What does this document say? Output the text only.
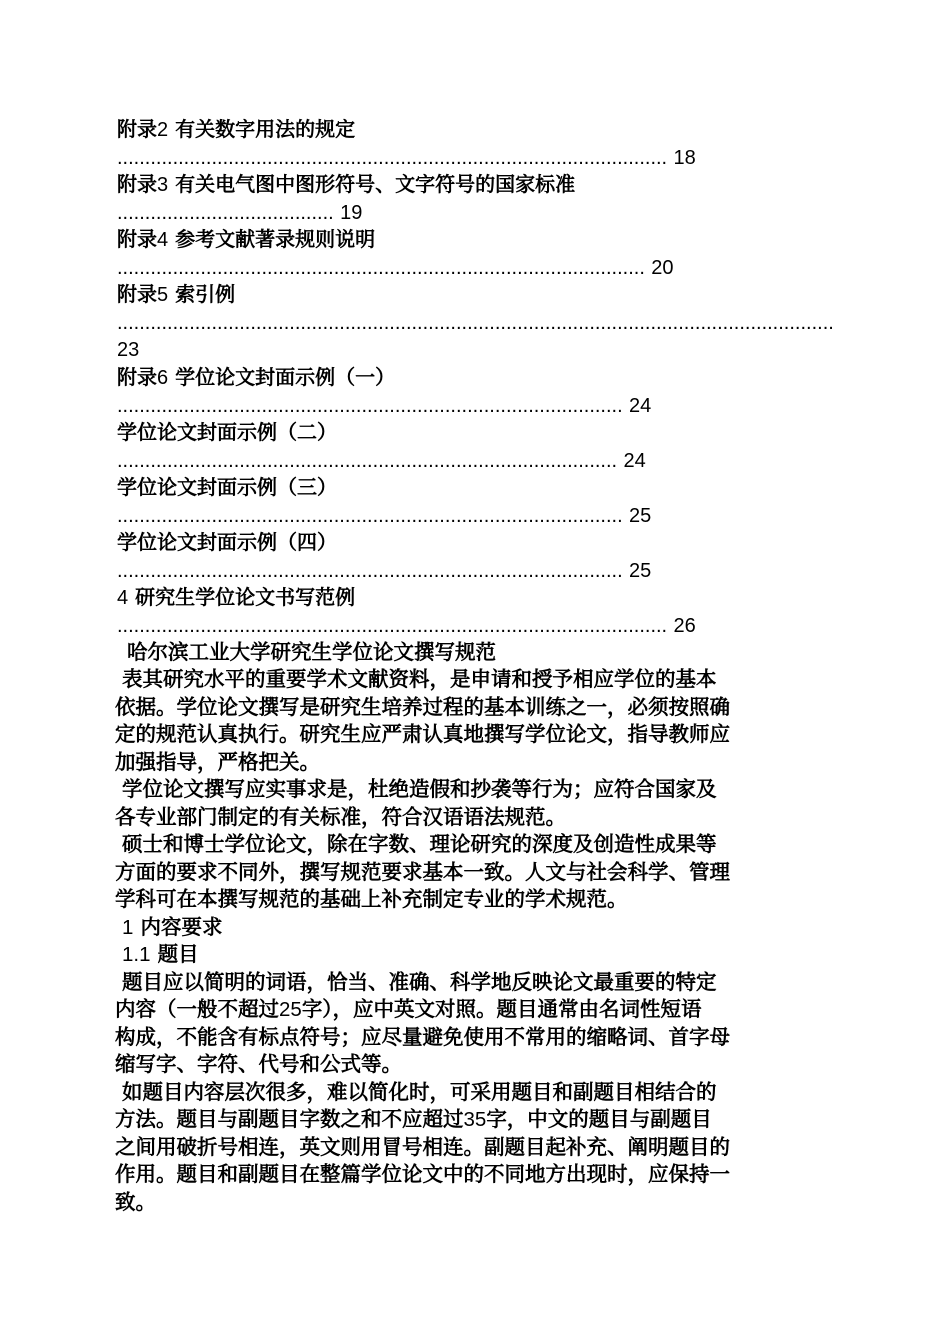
附录2 有关数字用法的规定
................................................................................................... 18
附录3 有关电气图中图形符号、文字符号的国家标准
....................................... 19
附录4 参考文献著录规则说明
............................................................................................... 20
附录5 索引例
.................................................................................................................................
23
附录6 学位论文封面示例（一）
........................................................................................... 24
学位论文封面示例（二）
.......................................................................................... 24
学位论文封面示例（三）
........................................................................................... 25
学位论文封面示例（四）
........................................................................................... 25
4 研究生学位论文书写范例
................................................................................................... 26
哈尔滨工业大学研究生学位论文撰写规范
表其研究水平的重要学术文献资料，是申请和授予相应学位的基本
依据。学位论文撰写是研究生培养过程的基本训练之一，必须按照确
定的规范认真执行。研究生应严肃认真地撰写学位论文，指导教师应
加强指导，严格把关。
学位论文撰写应实事求是，杜绝造假和抄袭等行为；应符合国家及
各专业部门制定的有关标准，符合汉语语法规范。
硕士和博士学位论文，除在字数、理论研究的深度及创造性成果等
方面的要求不同外，撰写规范要求基本一致。人文与社会科学、管理
学科可在本撰写规范的基础上补充制定专业的学术规范。
1 内容要求
1.1 题目
题目应以简明的词语，恰当、准确、科学地反映论文最重要的特定
内容（一般不超过25字），应中英文对照。题目通常由名词性短语
构成，不能含有标点符号；应尽量避免使用不常用的缩略词、首字母
缩写字、字符、代号和公式等。
如题目内容层次很多，难以简化时，可采用题目和副题目相结合的
方法。题目与副题目字数之和不应超过35字，中文的题目与副题目
之间用破折号相连，英文则用冒号相连。副题目起补充、阐明题目的
作用。题目和副题目在整篇学位论文中的不同地方出现时，应保持一
致。
